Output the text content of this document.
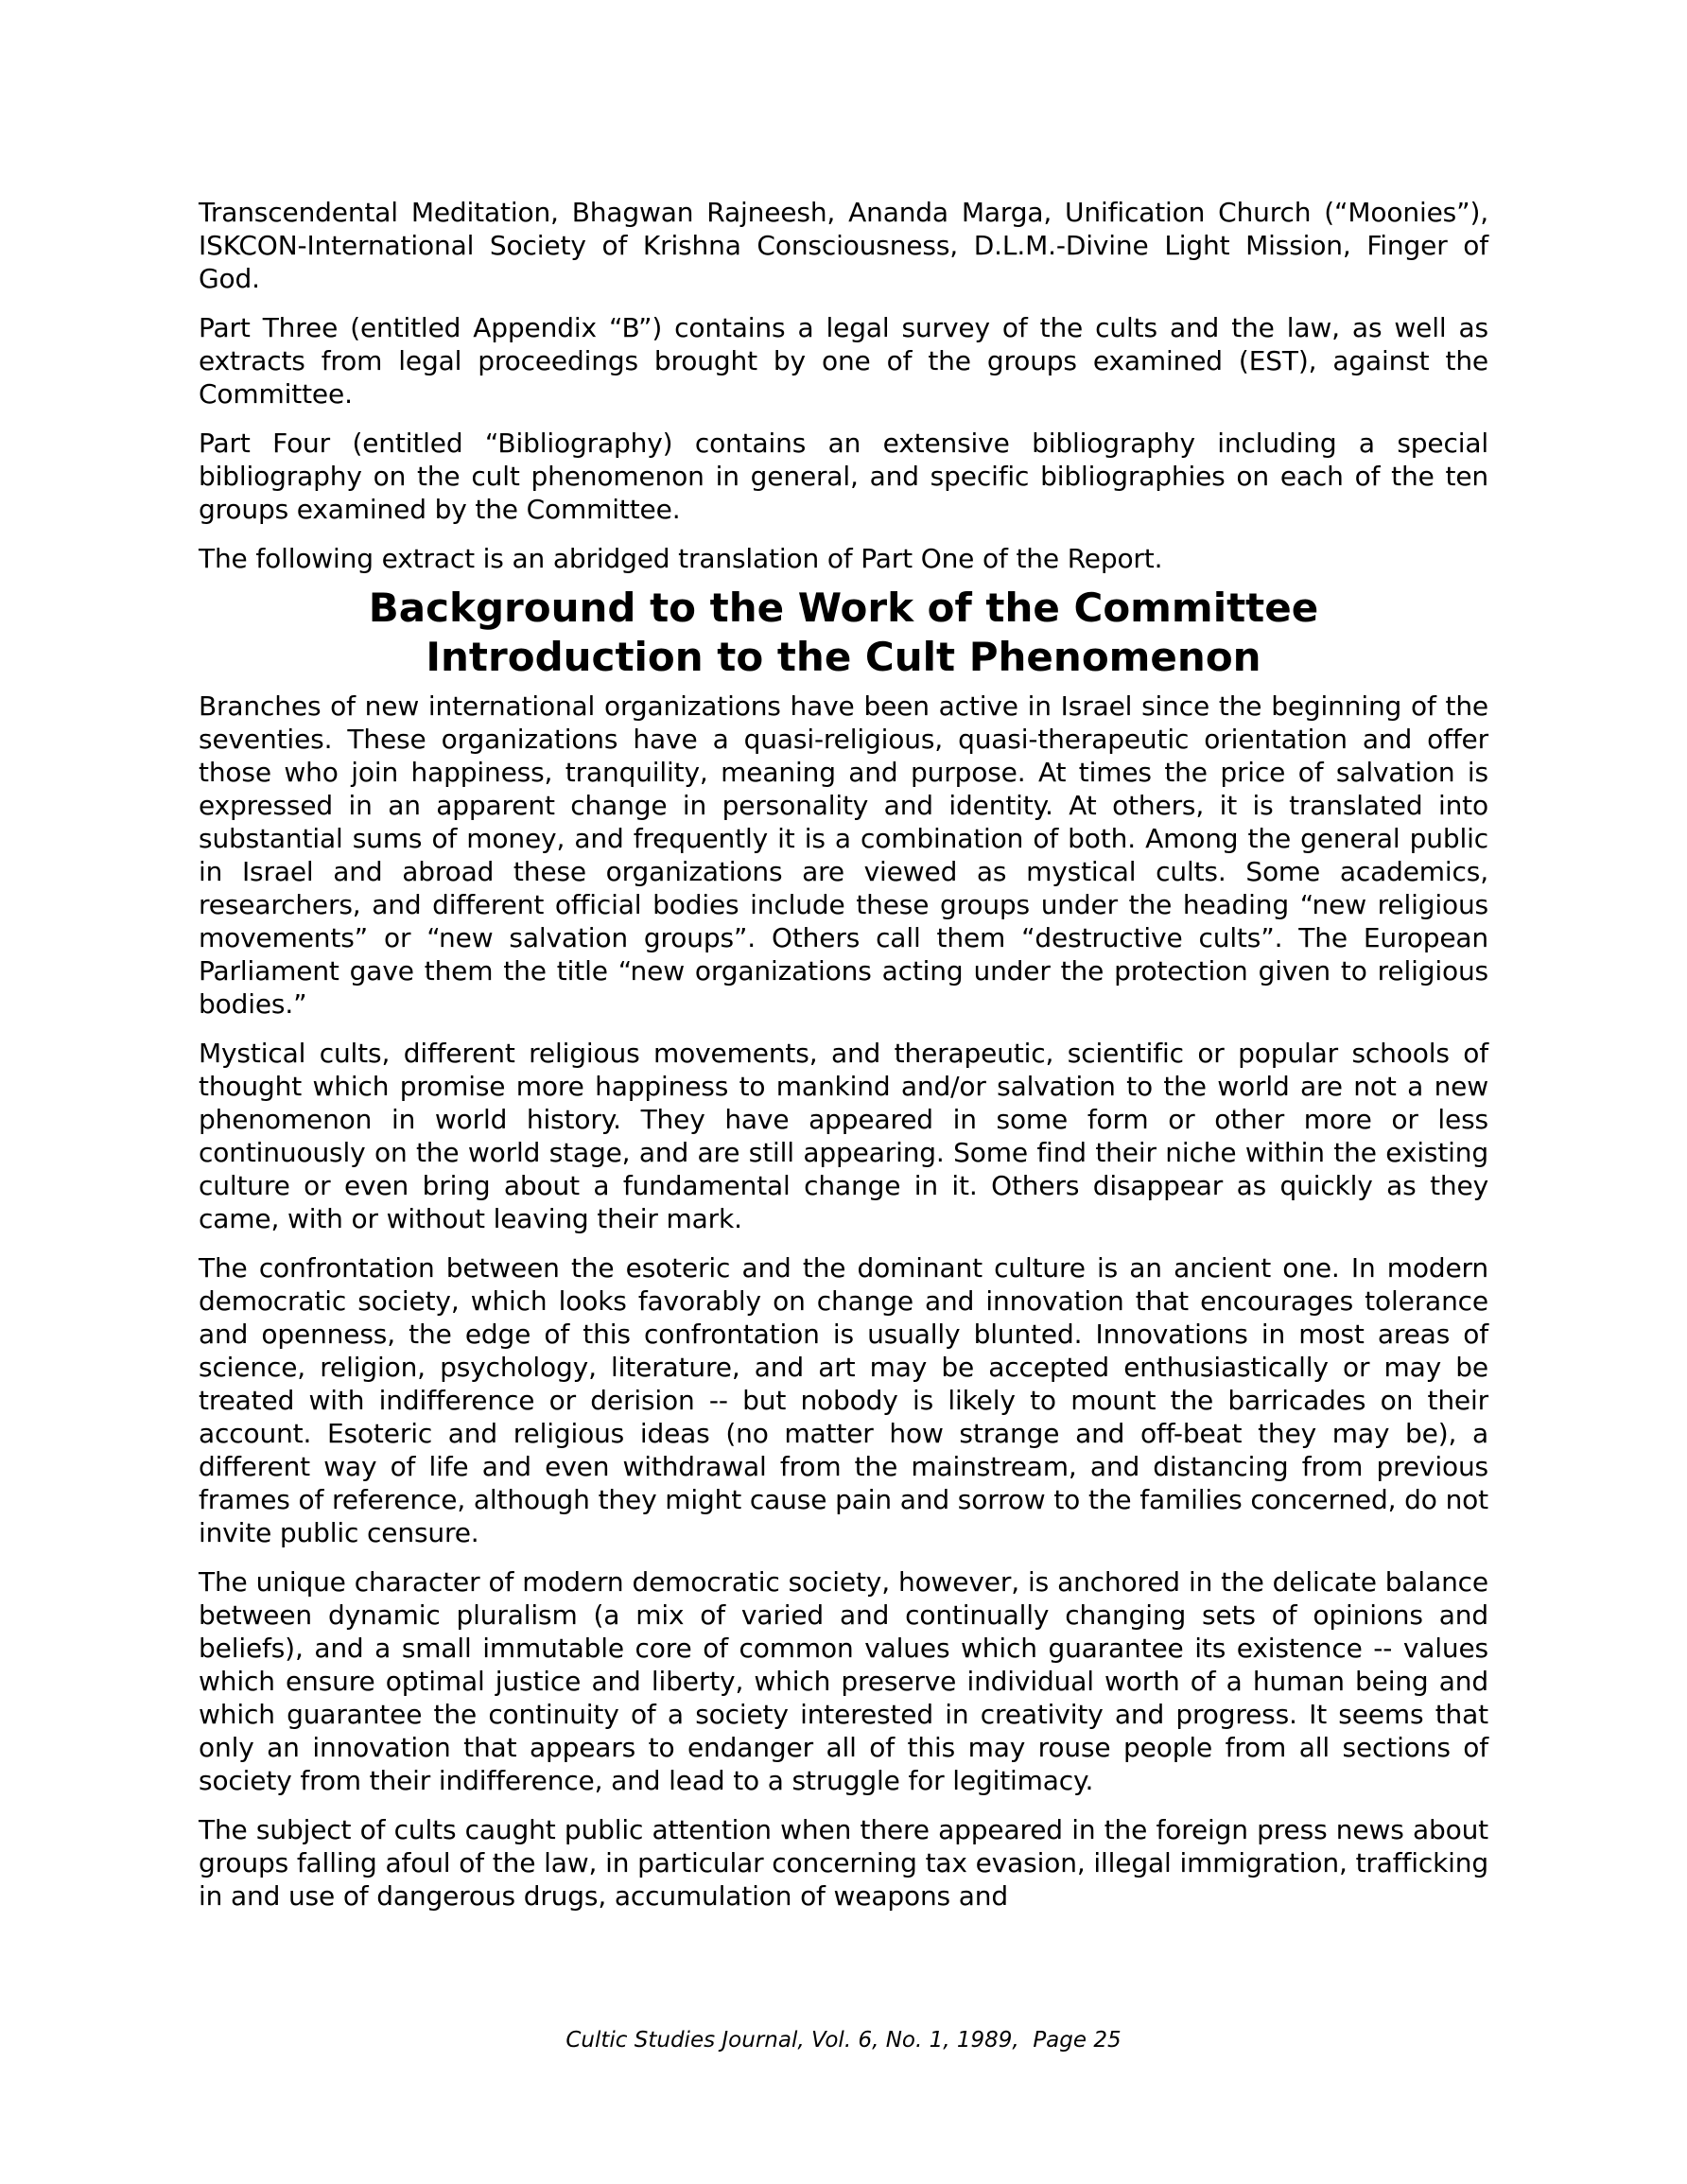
Transcendental Meditation, Bhagwan Rajneesh, Ananda Marga, Unification Church (“Moonies”), ISKCON-International Society of Krishna Consciousness, D.L.M.-Divine Light Mission, Finger of God.

Part Three (entitled Appendix “B”) contains a legal survey of the cults and the law, as well as extracts from legal proceedings brought by one of the groups examined (EST), against the Committee.

Part Four (entitled “Bibliography) contains an extensive bibliography including a special bibliography on the cult phenomenon in general, and specific bibliographies on each of the ten groups examined by the Committee.

The following extract is an abridged translation of Part One of the Report.

Background to the Work of the Committee
Introduction to the Cult Phenomenon

Branches of new international organizations have been active in Israel since the beginning of the seventies. These organizations have a quasi-religious, quasi-therapeutic orientation and offer those who join happiness, tranquility, meaning and purpose. At times the price of salvation is expressed in an apparent change in personality and identity. At others, it is translated into substantial sums of money, and frequently it is a combination of both. Among the general public in Israel and abroad these organizations are viewed as mystical cults. Some academics, researchers, and different official bodies include these groups under the heading “new religious movements” or “new salvation groups”. Others call them “destructive cults”. The European Parliament gave them the title “new organizations acting under the protection given to religious bodies.”

Mystical cults, different religious movements, and therapeutic, scientific or popular schools of thought which promise more happiness to mankind and/or salvation to the world are not a new phenomenon in world history. They have appeared in some form or other more or less continuously on the world stage, and are still appearing. Some find their niche within the existing culture or even bring about a fundamental change in it. Others disappear as quickly as they came, with or without leaving their mark.

The confrontation between the esoteric and the dominant culture is an ancient one. In modern democratic society, which looks favorably on change and innovation that encourages tolerance and openness, the edge of this confrontation is usually blunted. Innovations in most areas of science, religion, psychology, literature, and art may be accepted enthusiastically or may be treated with indifference or derision -- but nobody is likely to mount the barricades on their account. Esoteric and religious ideas (no matter how strange and off-beat they may be), a different way of life and even withdrawal from the mainstream, and distancing from previous frames of reference, although they might cause pain and sorrow to the families concerned, do not invite public censure.

The unique character of modern democratic society, however, is anchored in the delicate balance between dynamic pluralism (a mix of varied and continually changing sets of opinions and beliefs), and a small immutable core of common values which guarantee its existence -- values which ensure optimal justice and liberty, which preserve individual worth of a human being and which guarantee the continuity of a society interested in creativity and progress. It seems that only an innovation that appears to endanger all of this may rouse people from all sections of society from their indifference, and lead to a struggle for legitimacy.

The subject of cults caught public attention when there appeared in the foreign press news about groups falling afoul of the law, in particular concerning tax evasion, illegal immigration, trafficking in and use of dangerous drugs, accumulation of weapons and

Cultic Studies Journal, Vol. 6, No. 1, 1989,  Page 25
